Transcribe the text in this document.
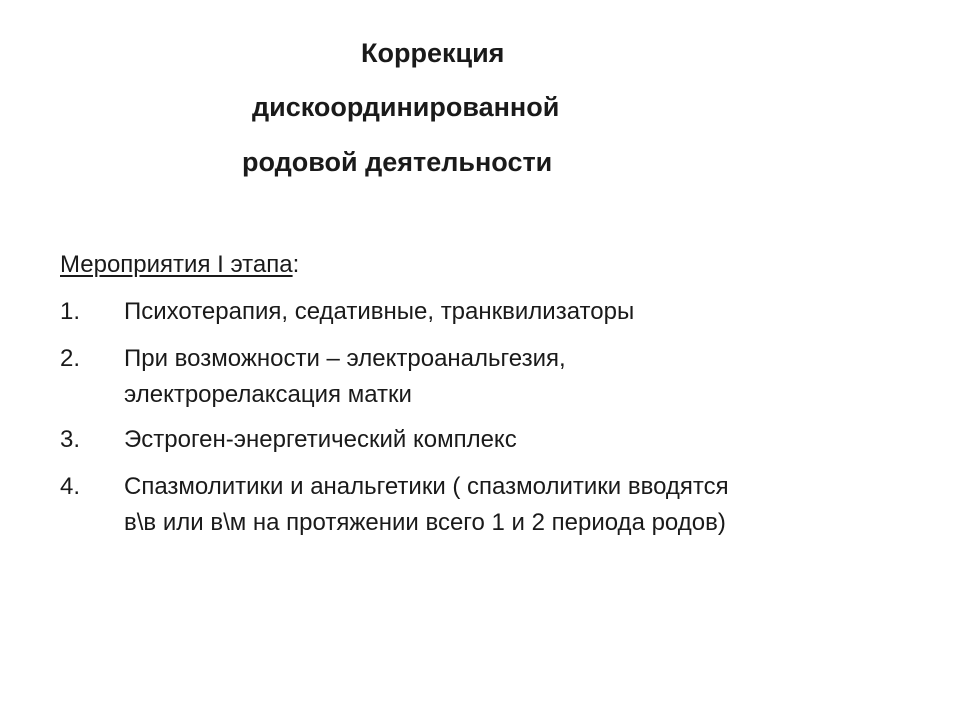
Коррекция
дискоординированной
родовой деятельности
Мероприятия I этапа:
1.	Психотерапия, седативные, транквилизаторы
2.	При возможности – электроанальгезия,
электрорелаксация матки
3.	Эстроген-энергетический комплекс
4.	Спазмолитики и анальгетики ( спазмолитики вводятся
в\в или в\м на протяжении всего 1 и 2 периода родов)
